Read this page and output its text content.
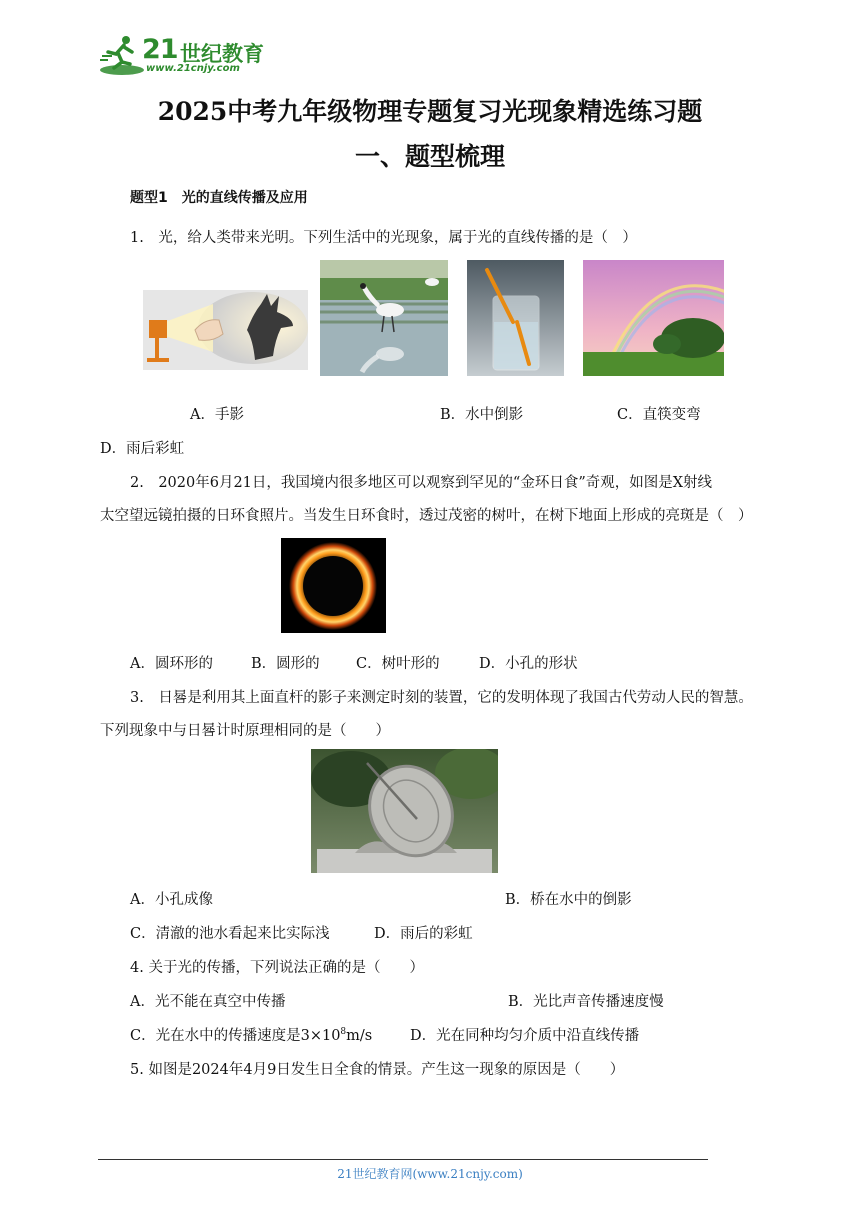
21 世纪教育
www.21cnjy.com
2025中考九年级物理专题复习光现象精选练习题
一、题型梳理
题型1　光的直线传播及应用
1.　光，给人类带来光明。下列生活中的光现象，属于光的直线传播的是（　）
A．手影	B．水中倒影	C．直筷变弯
D．雨后彩虹
2.　2020年6月21日，我国境内很多地区可以观察到罕见的“金环日食”奇观，如图是X射线
太空望远镜拍摄的日环食照片。当发生日环食时，透过茂密的树叶，在树下地面上形成的亮斑是（　）
A．圆环形的	B．圆形的	C．树叶形的	D．小孔的形状
3.　日晷是利用其上面直杆的影子来测定时刻的装置，它的发明体现了我国古代劳动人民的智慧。
下列现象中与日晷计时原理相同的是（　　）
A．小孔成像	B．桥在水中的倒影
C．清澈的池水看起来比实际浅	D．雨后的彩虹
4. 关于光的传播，下列说法正确的是（　　）
A．光不能在真空中传播	B．光比声音传播速度慢
C．光在水中的传播速度是$3\times 10^8m/s$	D．光在同种均匀介质中沿直线传播
5. 如图是2024年4月9日发生日全食的情景。产生这一现象的原因是（　　）
21世纪教育网(www.21cnjy.com)
